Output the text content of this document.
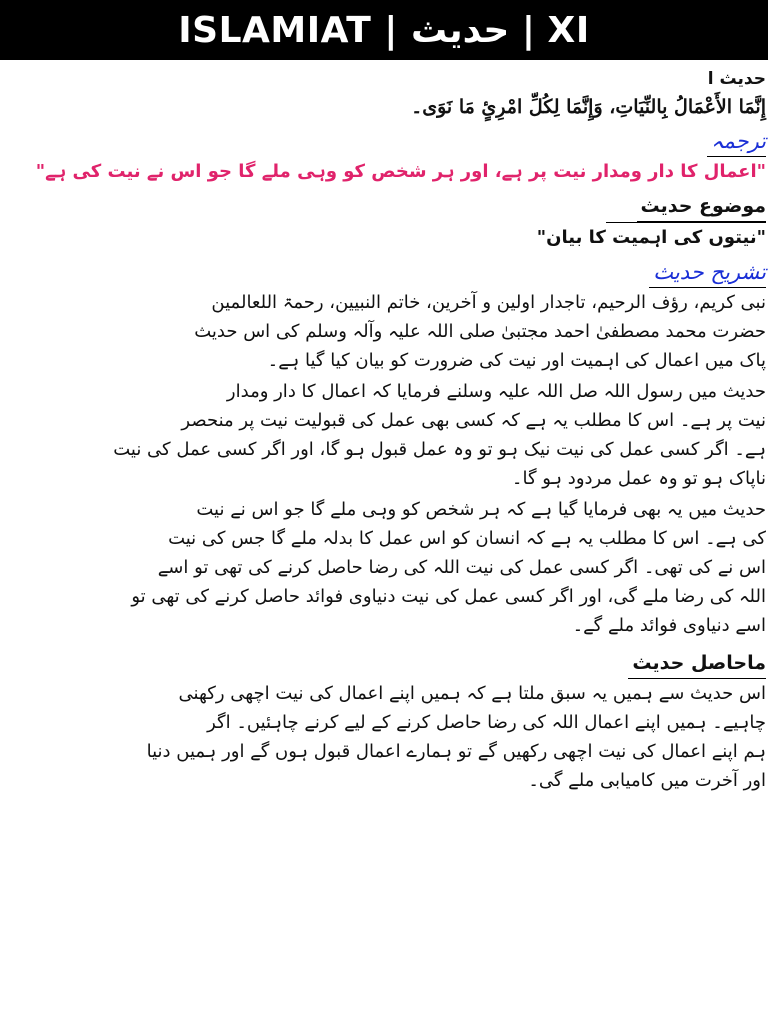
ISLAMIAT | حدیث | XI
حدیث ا
إِنَّمَا الأَعْمَالُ بِالنِّيَاتِ، وَإِنَّمَا لِكُلِّ امْرِئٍ مَا نَوَى۔
ترجمہ
"اعمال کا دار ومدار نیت پر ہے، اور ہر شخص کو وہی ملے گا جو اس نے نیت کی ہے"
موضوع حدیث
"نیتوں کی اہمیت کا بیان"
تشریح حدیث
نبی کریم، رؤف الرحیم، تاجدار اولین و آخرین، خاتم النبیین، رحمۃ اللعالمین
حضرت محمد مصطفیٰ احمد مجتبیٰ صلی اللہ علیہ وآلہ وسلم کی اس حدیث
پاک میں اعمال کی اہمیت اور نیت کی ضرورت کو بیان کیا گیا ہے۔
حدیث میں رسول اللہ صل اللہ علیہ وسلنے فرمایا کہ اعمال کا دار ومدار
نیت پر ہے۔ اس کا مطلب یہ ہے کہ کسی بھی عمل کی قبولیت نیت پر منحصر
ہے۔ اگر کسی عمل کی نیت نیک ہو تو وہ عمل قبول ہو گا، اور اگر کسی عمل کی نیت
ناپاک ہو تو وہ عمل مردود ہو گا۔
حدیث میں یہ بھی فرمایا گیا ہے کہ ہر شخص کو وہی ملے گا جو اس نے نیت
کی ہے۔ اس کا مطلب یہ ہے کہ انسان کو اس عمل کا بدلہ ملے گا جس کی نیت
اس نے کی تھی۔ اگر کسی عمل کی نیت اللہ کی رضا حاصل کرنے کی تھی تو اسے
اللہ کی رضا ملے گی، اور اگر کسی عمل کی نیت دنیاوی فوائد حاصل کرنے کی تھی تو
اسے دنیاوی فوائد ملے گے۔
ماحاصل حدیث
اس حدیث سے ہمیں یہ سبق ملتا ہے کہ ہمیں اپنے اعمال کی نیت اچھی رکھنی
چاہیے۔ ہمیں اپنے اعمال اللہ کی رضا حاصل کرنے کے لیے کرنے چاہئیں۔ اگر
ہم اپنے اعمال کی نیت اچھی رکھیں گے تو ہمارے اعمال قبول ہوں گے اور ہمیں دنیا
اور آخرت میں کامیابی ملے گی۔
